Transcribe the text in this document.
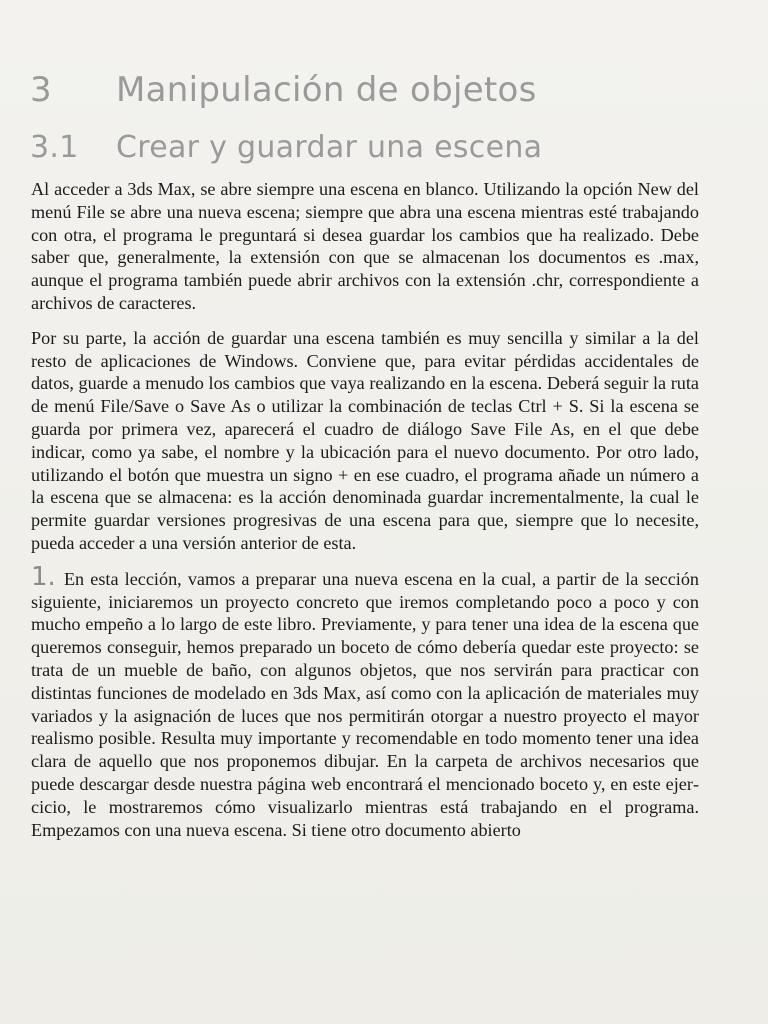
3 Manipulación de objetos
3.1 Crear y guardar una escena

Al acceder a 3ds Max, se abre siempre una escena en blanco. Utilizando la opción New del menú File se abre una nueva escena; siempre que abra una escena mientras esté trabajando con otra, el programa le preguntará si desea guardar los cambios que ha realizado. Debe saber que, generalmente, la extensión con que se almacenan los documentos es .max, aunque el programa también puede abrir archivos con la extensión .chr, correspondiente a archivos de caracteres.

Por su parte, la acción de guardar una escena también es muy sencilla y similar a la del resto de aplicaciones de Windows. Conviene que, para evitar pérdidas accidentales de datos, guarde a menudo los cambios que vaya realizando en la escena. Deberá seguir la ruta de menú File/Save o Save As o utilizar la combinación de teclas Ctrl + S. Si la escena se guarda por primera vez, aparecerá el cuadro de diálogo Save File As, en el que debe indicar, como ya sabe, el nombre y la ubicación para el nuevo documento. Por otro lado, utilizando el botón que muestra un signo + en ese cuadro, el programa añade un número a la escena que se almacena: es la acción denominada guardar incrementalmente, la cual le permite guardar versiones progresivas de una escena para que, siempre que lo necesite, pueda acceder a una versión anterior de esta.

1. En esta lección, vamos a preparar una nueva escena en la cual, a partir de la sección siguiente, iniciaremos un proyecto concreto que iremos completando poco a poco y con mucho empeño a lo largo de este libro. Previamente, y para tener una idea de la escena que queremos conseguir, hemos preparado un boceto de cómo debería quedar este proyecto: se trata de un mueble de baño, con algunos objetos, que nos servirán para practicar con distintas funciones de modelado en 3ds Max, así como con la aplicación de materiales muy variados y la asignación de luces que nos permitirán otorgar a nuestro proyecto el mayor realismo posible. Resulta muy importante y recomendable en todo momento tener una idea clara de aquello que nos proponemos dibujar. En la carpeta de archivos necesarios que puede descargar desde nuestra página web encontrará el mencionado boceto y, en este ejercicio, le mostraremos cómo visualizarlo mientras está trabajando en el programa. Empezamos con una nueva escena. Si tiene otro documento abierto
